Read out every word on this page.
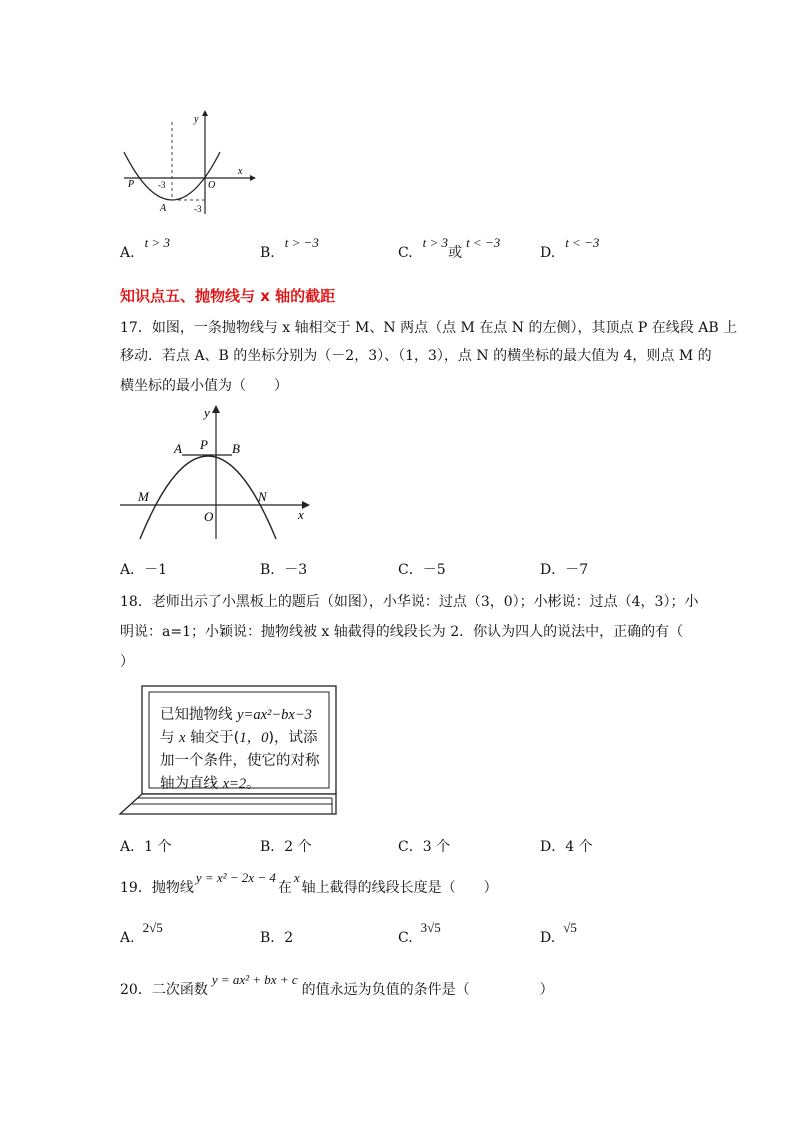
y
x
O
P
A
-3
-3
A.t > 3
B.t > −3
C.t > 3或t < −3
D.t < −3
知识点五、抛物线与 x 轴的截距
17．如图，一条抛物线与 x 轴相交于 M、N 两点（点 M 在点 N 的左侧），其顶点 P 在线段 AB 上
移动．若点 A、B 的坐标分别为（－2，3）、（1，3），点 N 的横坐标的最大值为 4，则点 M 的
横坐标的最小值为（　　）
y
x
A P B
M	N
O
A．－1	B．－3	C．－5	D．－7
18．老师出示了小黑板上的题后（如图），小华说：过点（3，0）；小彬说：过点（4，3）；小
明说：a=1；小颖说：抛物线被 x 轴截得的线段长为 2．你认为四人的说法中，正确的有（
）
已知抛物线 y=ax²−bx−3
与 x 轴交于(1，0)，试添
加一个条件，使它的对称
轴为直线 x=2。
A．1 个	B．2 个	C．3 个	D．4 个
19．抛物线y = x² − 2x − 4在x轴上截得的线段长度是（　　）
A.2√5
B．2	C.3√5
D.√5
20．二次函数y = ax² + bx + c的值永远为负值的条件是（　　　　　）
